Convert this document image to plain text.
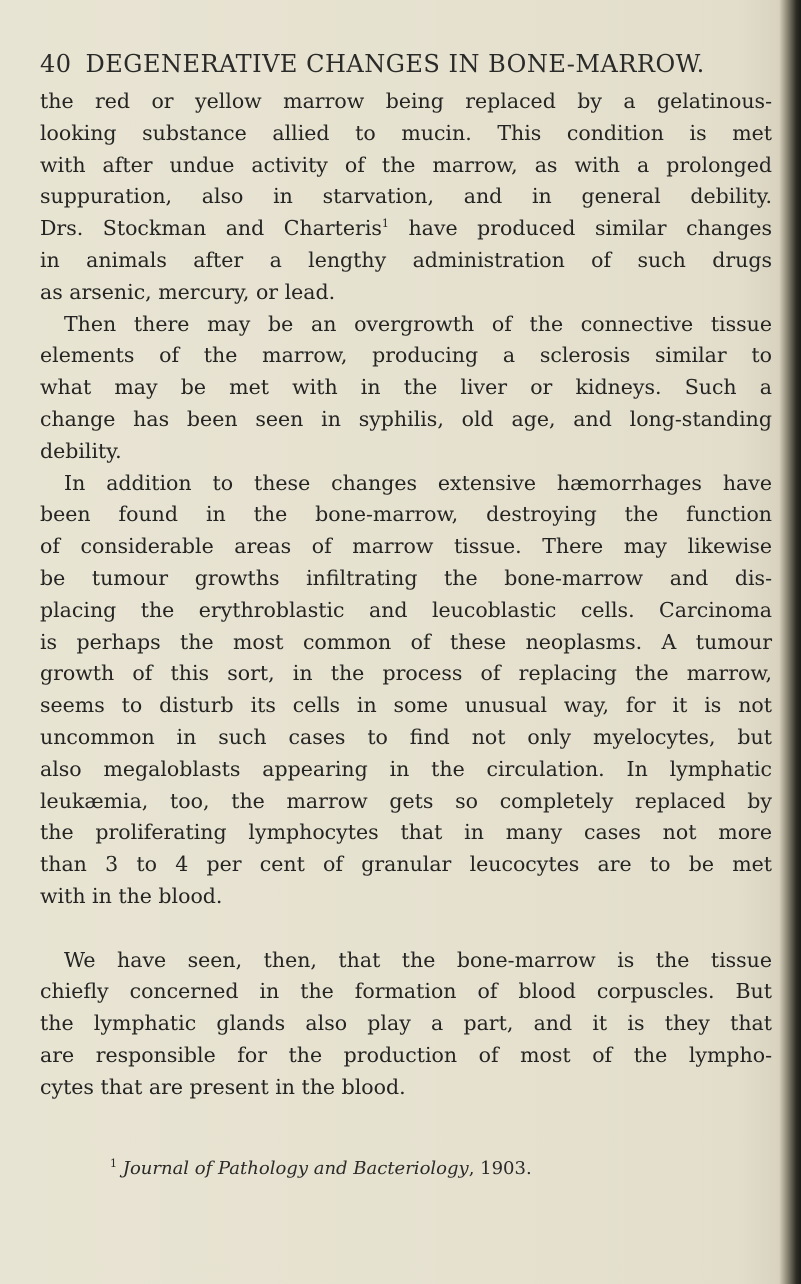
40 DEGENERATIVE CHANGES IN BONE-MARROW.
the red or yellow marrow being replaced by a gelatinous-
looking substance allied to mucin. This condition is met
with after undue activity of the marrow, as with a prolonged
suppuration, also in starvation, and in general debility.
Drs. Stockman and Charteris$^1$ have produced similar changes
in animals after a lengthy administration of such drugs
as arsenic, mercury, or lead.
Then there may be an overgrowth of the connective tissue
elements of the marrow, producing a sclerosis similar to
what may be met with in the liver or kidneys. Such a
change has been seen in syphilis, old age, and long-standing
debility.
In addition to these changes extensive hæmorrhages have
been found in the bone-marrow, destroying the function
of considerable areas of marrow tissue. There may likewise
be tumour growths infiltrating the bone-marrow and dis-
placing the erythroblastic and leucoblastic cells. Carcinoma
is perhaps the most common of these neoplasms. A tumour
growth of this sort, in the process of replacing the marrow,
seems to disturb its cells in some unusual way, for it is not
uncommon in such cases to find not only myelocytes, but
also megaloblasts appearing in the circulation. In lymphatic
leukæmia, too, the marrow gets so completely replaced by
the proliferating lymphocytes that in many cases not more
than 3 to 4 per cent of granular leucocytes are to be met
with in the blood.
We have seen, then, that the bone-marrow is the tissue
chiefly concerned in the formation of blood corpuscles. But
the lymphatic glands also play a part, and it is they that
are responsible for the production of most of the lympho-
cytes that are present in the blood.
$^1$ Journal of Pathology and Bacteriology, 1903.
